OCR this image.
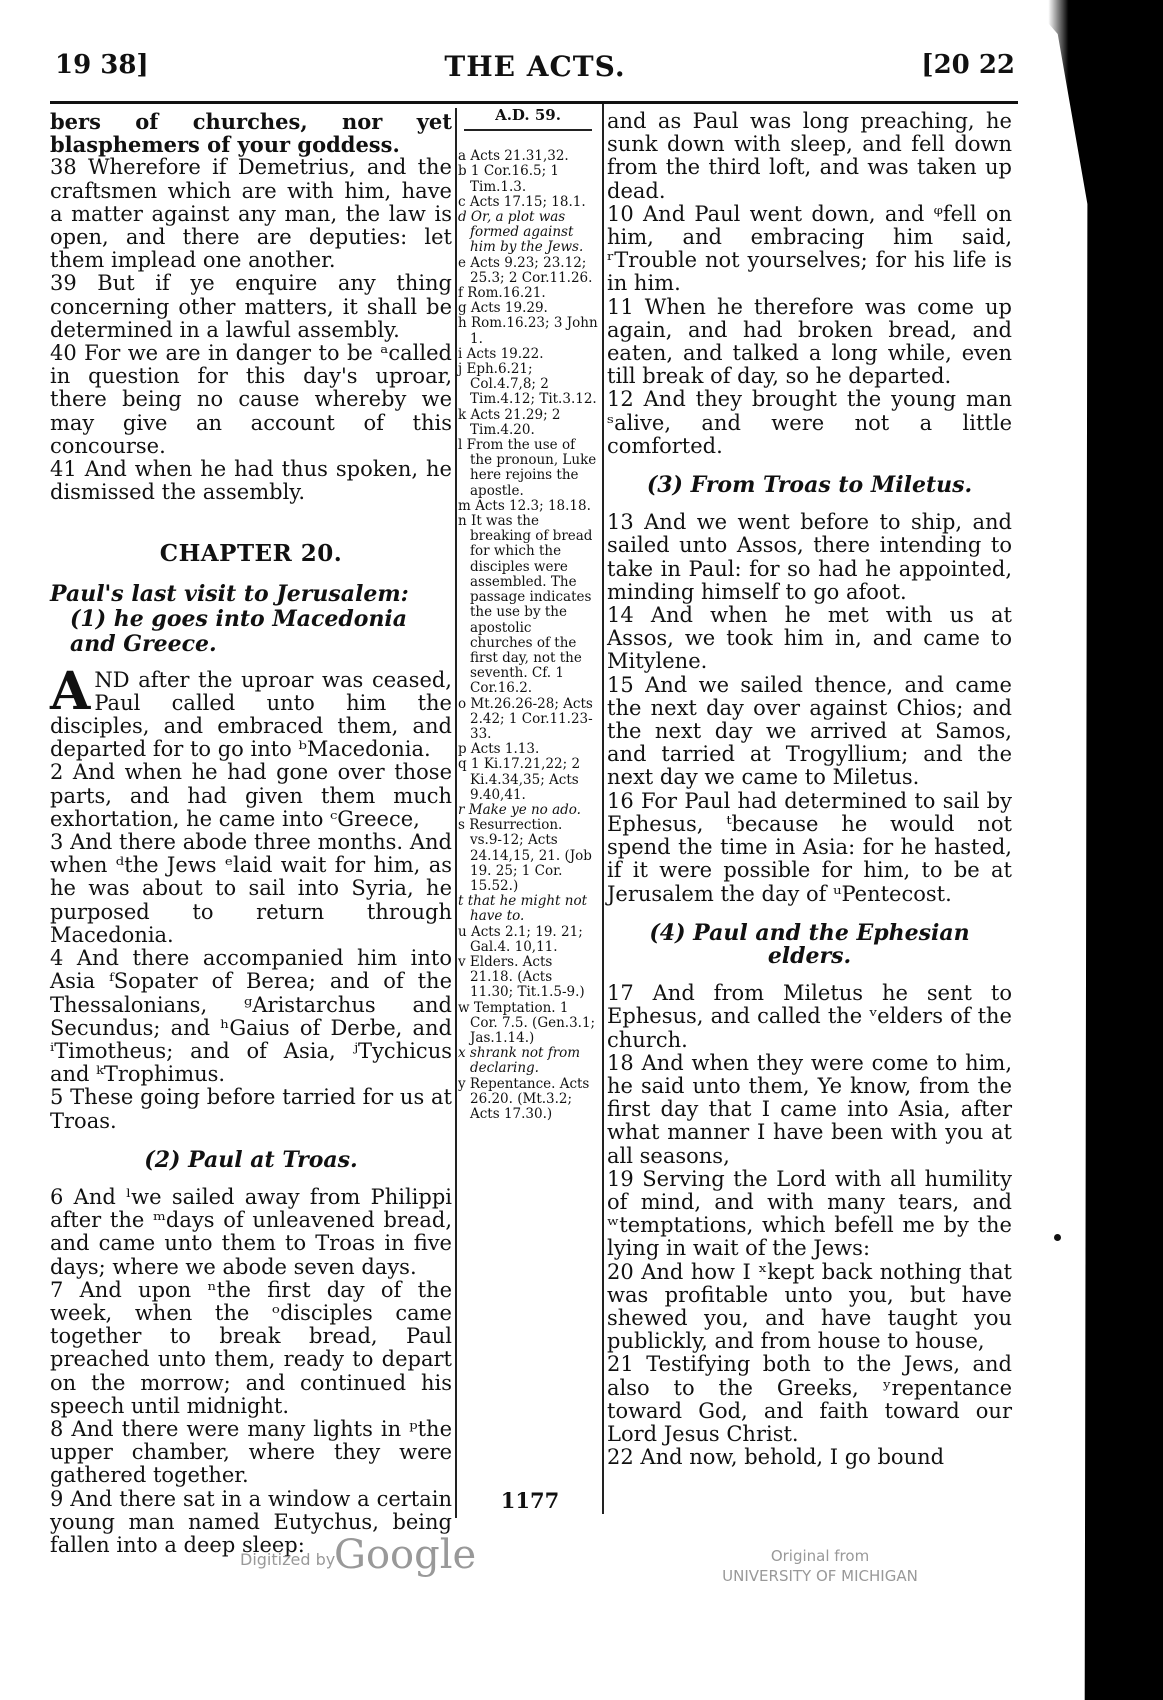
19 38]	THE ACTS.	[20 22

bers of churches, nor yet blasphemers of your goddess.

38 Wherefore if Demetrius, and the craftsmen which are with him, have a matter against any man, the law is open, and there are deputies: let them implead one another.

39 But if ye enquire any thing concerning other matters, it shall be determined in a lawful assembly.

40 For we are in danger to be ᵃcalled in question for this day's uproar, there being no cause whereby we may give an account of this concourse.

41 And when he had thus spoken, he dismissed the assembly.

CHAPTER 20.
Paul's last visit to Jerusalem:
(1) he goes into Macedonia and Greece.

AND after the uproar was ceased, Paul called unto him the disciples, and embraced them, and departed for to go into ᵇMacedonia.

2 And when he had gone over those parts, and had given them much exhortation, he came into ᶜGreece,

3 And there abode three months. And when ᵈthe Jews ᵉlaid wait for him, as he was about to sail into Syria, he purposed to return through Macedonia.

4 And there accompanied him into Asia ᶠSopater of Berea; and of the Thessalonians, ᵍAristarchus and Secundus; and ʰGaius of Derbe, and ⁱTimotheus; and of Asia, ʲTychicus and ᵏTrophimus.

5 These going before tarried for us at Troas.

(2) Paul at Troas.

6 And ˡwe sailed away from Philippi after the ᵐdays of unleavened bread, and came unto them to Troas in five days; where we abode seven days.

7 And upon ⁿthe first day of the week, when the ᵒdisciples came together to break bread, Paul preached unto them, ready to depart on the morrow; and continued his speech until midnight.

8 And there were many lights in ᵖthe upper chamber, where they were gathered together.

9 And there sat in a window a certain young man named Eutychus, being fallen into a deep sleep:

A.D. 59.

a Acts 21.31,32.

b 1 Cor.16.5; 1 Tim.1.3.

c Acts 17.15; 18.1.

d Or, a plot was formed against him by the Jews.

e Acts 9.23; 23.12; 25.3; 2 Cor.11.26.

f Rom.16.21.

g Acts 19.29.

h Rom.16.23; 3 John 1.

i Acts 19.22.

j Eph.6.21; Col.4.7,8; 2 Tim.4.12; Tit.3.12.

k Acts 21.29; 2 Tim.4.20.

l From the use of the pronoun, Luke here rejoins the apostle.

m Acts 12.3; 18.18.

n It was the breaking of bread for which the disciples were assembled. The passage indicates the use by the apostolic churches of the first day, not the seventh. Cf. 1 Cor.16.2.

o Mt.26.26-28; Acts 2.42; 1 Cor.11.23-33.

p Acts 1.13.

q 1 Ki.17.21,22; 2 Ki.4.34,35; Acts 9.40,41.

r Make ye no ado.

s Resurrection. vs.9-12; Acts 24.14,15, 21. (Job 19. 25; 1 Cor. 15.52.)

t that he might not have to.

u Acts 2.1; 19. 21; Gal.4. 10,11.

v Elders. Acts 21.18. (Acts 11.30; Tit.1.5-9.)

w Temptation. 1 Cor. 7.5. (Gen.3.1; Jas.1.14.)

x shrank not from declaring.

y Repentance. Acts 26.20. (Mt.3.2; Acts 17.30.)

and as Paul was long preaching, he sunk down with sleep, and fell down from the third loft, and was taken up dead.

10 And Paul went down, and ᵠfell on him, and embracing him said, ʳTrouble not yourselves; for his life is in him.

11 When he therefore was come up again, and had broken bread, and eaten, and talked a long while, even till break of day, so he departed.

12 And they brought the young man ˢalive, and were not a little comforted.

(3) From Troas to Miletus.

13 And we went before to ship, and sailed unto Assos, there intending to take in Paul: for so had he appointed, minding himself to go afoot.

14 And when he met with us at Assos, we took him in, and came to Mitylene.

15 And we sailed thence, and came the next day over against Chios; and the next day we arrived at Samos, and tarried at Trogyllium; and the next day we came to Miletus.

16 For Paul had determined to sail by Ephesus, ᵗbecause he would not spend the time in Asia: for he hasted, if it were possible for him, to be at Jerusalem the day of ᵘPentecost.

(4) Paul and the Ephesian elders.

17 And from Miletus he sent to Ephesus, and called the ᵛelders of the church.

18 And when they were come to him, he said unto them, Ye know, from the first day that I came into Asia, after what manner I have been with you at all seasons,

19 Serving the Lord with all humility of mind, and with many tears, and ʷtemptations, which befell me by the lying in wait of the Jews:

20 And how I ˣkept back nothing that was profitable unto you, but have shewed you, and have taught you publickly, and from house to house,

21 Testifying both to the Jews, and also to the Greeks, ʸrepentance toward God, and faith toward our Lord Jesus Christ.

22 And now, behold, I go bound

1177
Digitized by
Google	Original from
UNIVERSITY OF MICHIGAN
